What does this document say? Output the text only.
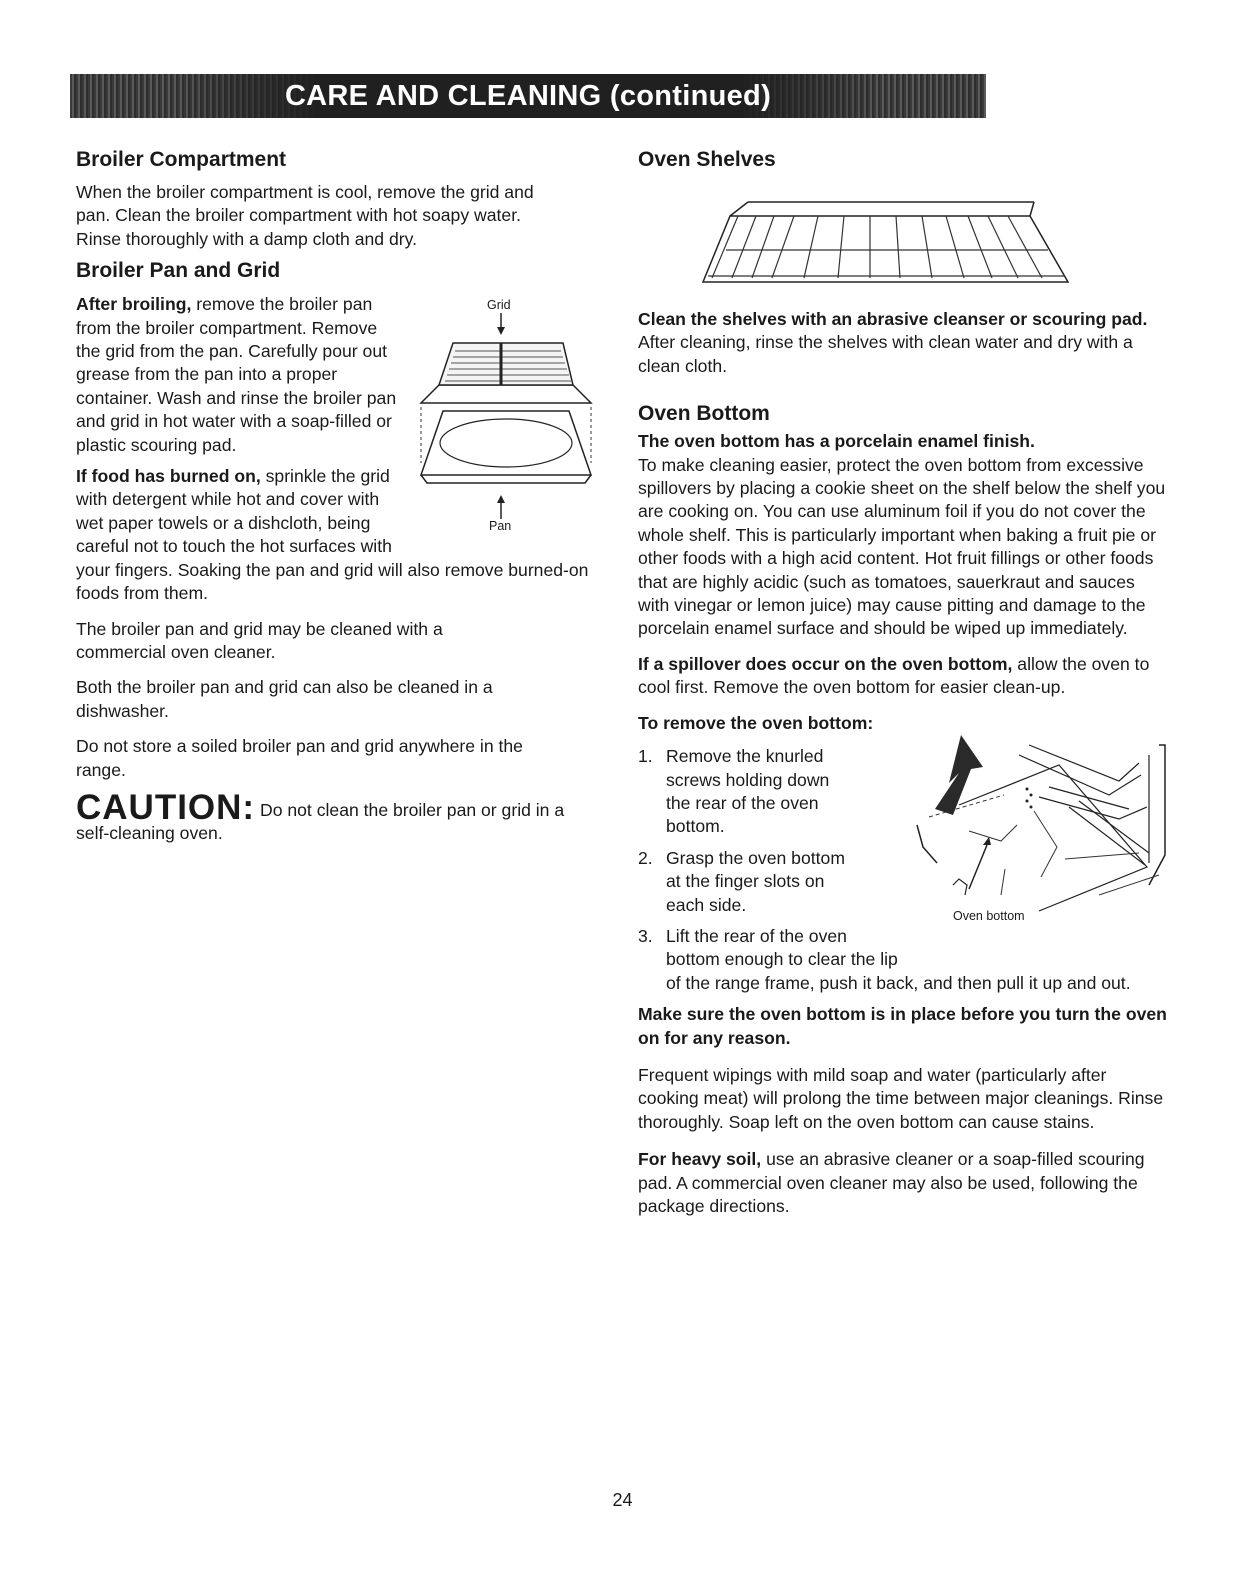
CARE AND CLEANING (continued)
Broiler Compartment

When the broiler compartment is cool, remove the grid and pan. Clean the broiler compartment with hot soapy water. Rinse thoroughly with a damp cloth and dry.

Broiler Pan and Grid
Grid
Pan

After broiling, remove the broiler pan from the broiler compartment. Remove the grid from the pan. Carefully pour out grease from the pan into a proper container. Wash and rinse the broiler pan and grid in hot water with a soap-filled or plastic scouring pad.

If food has burned on, sprinkle the grid with detergent while hot and cover with wet paper towels or a dishcloth, being careful not to touch the hot surfaces with your fingers. Soaking the pan and grid will also remove burned-on foods from them.

The broiler pan and grid may be cleaned with a commercial oven cleaner.

Both the broiler pan and grid can also be cleaned in a dishwasher.

Do not store a soiled broiler pan and grid anywhere in the range.

CAUTION: Do not clean the broiler pan or grid in a self-cleaning oven.

Oven Shelves

Clean the shelves with an abrasive cleanser or scouring pad. After cleaning, rinse the shelves with clean water and dry with a clean cloth.

Oven Bottom

The oven bottom has a porcelain enamel finish.

To make cleaning easier, protect the oven bottom from excessive spillovers by placing a cookie sheet on the shelf below the shelf you are cooking on. You can use aluminum foil if you do not cover the whole shelf. This is particularly important when baking a fruit pie or other foods with a high acid content. Hot fruit fillings or other foods that are highly acidic (such as tomatoes, sauerkraut and sauces with vinegar or lemon juice) may cause pitting and damage to the porcelain enamel surface and should be wiped up immediately.

If a spillover does occur on the oven bottom, allow the oven to cool first. Remove the oven bottom for easier clean-up.

To remove the oven bottom:

Oven bottom
1. Remove the knurled screws holding down the rear of the oven bottom.
2. Grasp the oven bottom at the finger slots on each side.
3. Lift the rear of the oven bottom enough to clear the lip of the range frame, push it back, and then pull it up and out.

Make sure the oven bottom is in place before you turn the oven on for any reason.

Frequent wipings with mild soap and water (particularly after cooking meat) will prolong the time between major cleanings. Rinse thoroughly. Soap left on the oven bottom can cause stains.

For heavy soil, use an abrasive cleaner or a soap-filled scouring pad. A commercial oven cleaner may also be used, following the package directions.

24
